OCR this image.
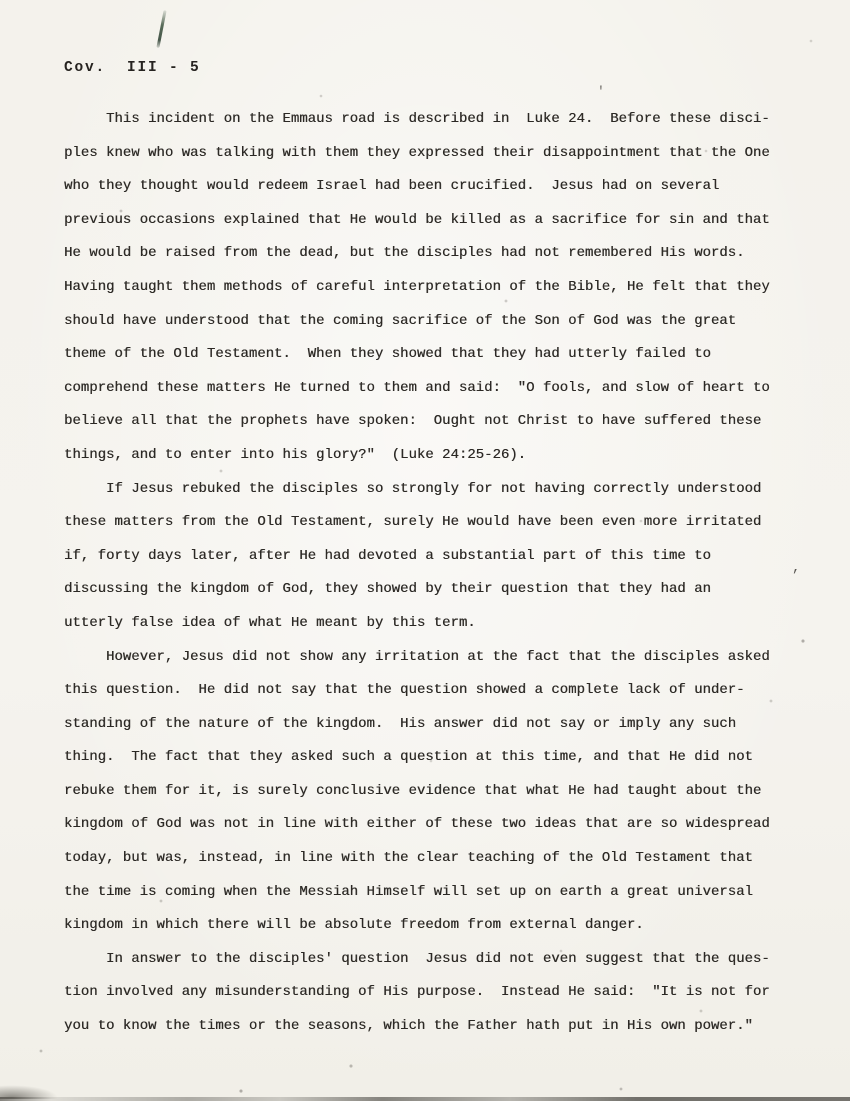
Cov.  III - 5
'
This incident on the Emmaus road is described in  Luke 24.  Before these disci-
ples knew who was talking with them they expressed their disappointment that the One
who they thought would redeem Israel had been crucified.  Jesus had on several
previous occasions explained that He would be killed as a sacrifice for sin and that
He would be raised from the dead, but the disciples had not remembered His words.
Having taught them methods of careful interpretation of the Bible, He felt that they
should have understood that the coming sacrifice of the Son of God was the great
theme of the Old Testament.  When they showed that they had utterly failed to
comprehend these matters He turned to them and said:  "O fools, and slow of heart to
believe all that the prophets have spoken:  Ought not Christ to have suffered these
things, and to enter into his glory?"  (Luke 24:25-26).
If Jesus rebuked the disciples so strongly for not having correctly understood
these matters from the Old Testament, surely He would have been even more irritated
if, forty days later, after He had devoted a substantial part of this time to
discussing the kingdom of God, they showed by their question that they had an
utterly false idea of what He meant by this term.
However, Jesus did not show any irritation at the fact that the disciples asked
this question.  He did not say that the question showed a complete lack of under-
standing of the nature of the kingdom.  His answer did not say or imply any such
thing.  The fact that they asked such a question at this time, and that He did not
rebuke them for it, is surely conclusive evidence that what He had taught about the
kingdom of God was not in line with either of these two ideas that are so widespread
today, but was, instead, in line with the clear teaching of the Old Testament that
the time is coming when the Messiah Himself will set up on earth a great universal
kingdom in which there will be absolute freedom from external danger.
In answer to the disciples' question  Jesus did not even suggest that the ques-
tion involved any misunderstanding of His purpose.  Instead He said:  "It is not for
you to know the times or the seasons, which the Father hath put in His own power."
,
